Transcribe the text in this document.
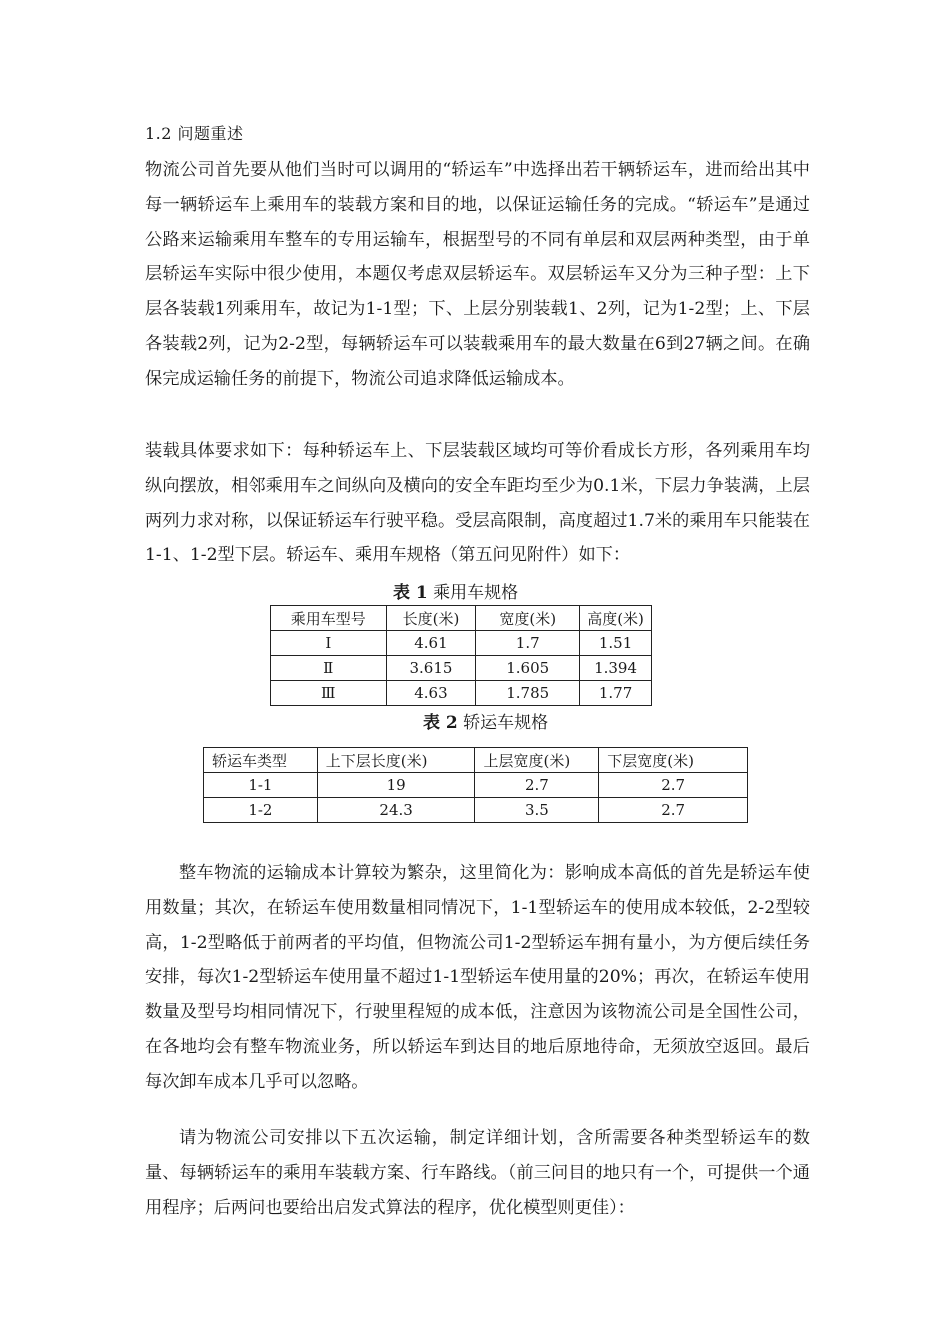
1.2 问题重述

物流公司首先要从他们当时可以调用的“轿运车”中选择出若干辆轿运车，进而给出其中每一辆轿运车上乘用车的装载方案和目的地，以保证运输任务的完成。“轿运车”是通过公路来运输乘用车整车的专用运输车，根据型号的不同有单层和双层两种类型，由于单层轿运车实际中很少使用，本题仅考虑双层轿运车。双层轿运车又分为三种子型：上下层各装载1列乘用车，故记为1-1型；下、上层分别装载1、2列，记为1-2型；上、下层各装载2列，记为2-2型，每辆轿运车可以装载乘用车的最大数量在6到27辆之间。在确保完成运输任务的前提下，物流公司追求降低运输成本。

装载具体要求如下：每种轿运车上、下层装载区域均可等价看成长方形，各列乘用车均纵向摆放，相邻乘用车之间纵向及横向的安全车距均至少为0.1米，下层力争装满，上层两列力求对称，以保证轿运车行驶平稳。受层高限制，高度超过1.7米的乘用车只能装在1-1、1-2型下层。轿运车、乘用车规格（第五问见附件）如下：

表 1 乘用车规格
乘用车型号	长度(米)	宽度(米)	高度(米)
Ⅰ	4.61	1.7	1.51
Ⅱ	3.615	1.605	1.394
Ⅲ	4.63	1.785	1.77
表 2 轿运车规格
轿运车类型	上下层长度(米)	上层宽度(米)	下层宽度(米)
1-1	19	2.7	2.7
1-2	24.3	3.5	2.7

整车物流的运输成本计算较为繁杂，这里简化为：影响成本高低的首先是轿运车使用数量；其次，在轿运车使用数量相同情况下，1-1型轿运车的使用成本较低，2-2型较高，1-2型略低于前两者的平均值，但物流公司1-2型轿运车拥有量小，为方便后续任务安排，每次1-2型轿运车使用量不超过1-1型轿运车使用量的20%；再次，在轿运车使用数量及型号均相同情况下，行驶里程短的成本低，注意因为该物流公司是全国性公司，在各地均会有整车物流业务，所以轿运车到达目的地后原地待命，无须放空返回。最后每次卸车成本几乎可以忽略。

请为物流公司安排以下五次运输，制定详细计划，含所需要各种类型轿运车的数量、每辆轿运车的乘用车装载方案、行车路线。（前三问目的地只有一个，可提供一个通用程序；后两问也要给出启发式算法的程序，优化模型则更佳）：
